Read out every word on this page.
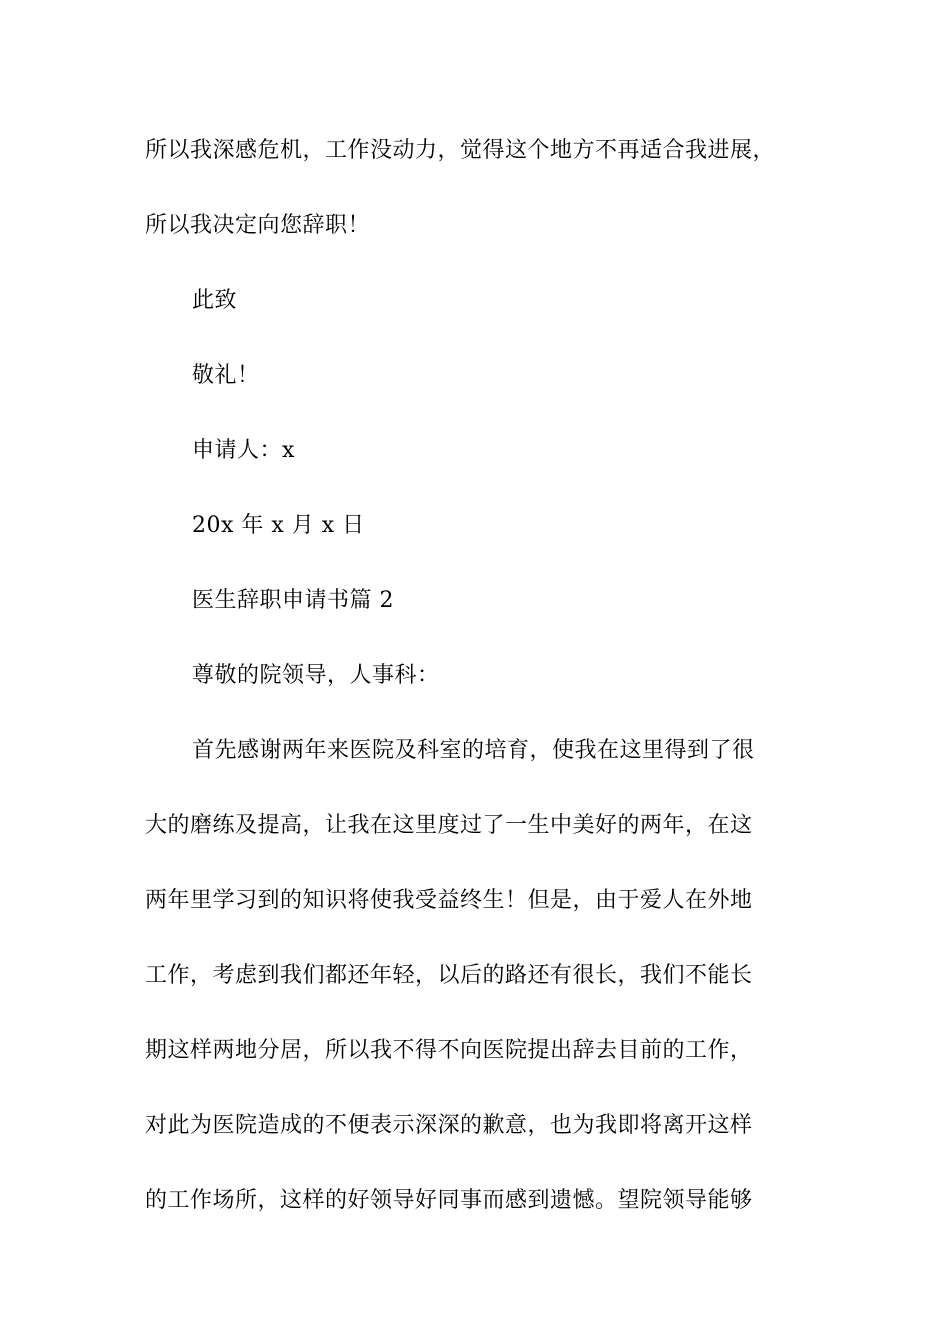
所以我深感危机，工作没动力，觉得这个地方不再适合我进展，
所以我决定向您辞职！
此致
敬礼！
申请人：x
20x 年 x 月 x 日
医生辞职申请书篇 2
尊敬的院领导，人事科：
首先感谢两年来医院及科室的培育，使我在这里得到了很
大的磨练及提高，让我在这里度过了一生中美好的两年，在这
两年里学习到的知识将使我受益终生！但是，由于爱人在外地
工作，考虑到我们都还年轻，以后的路还有很长，我们不能长
期这样两地分居，所以我不得不向医院提出辞去目前的工作，
对此为医院造成的不便表示深深的歉意，也为我即将离开这样
的工作场所，这样的好领导好同事而感到遗憾。望院领导能够
